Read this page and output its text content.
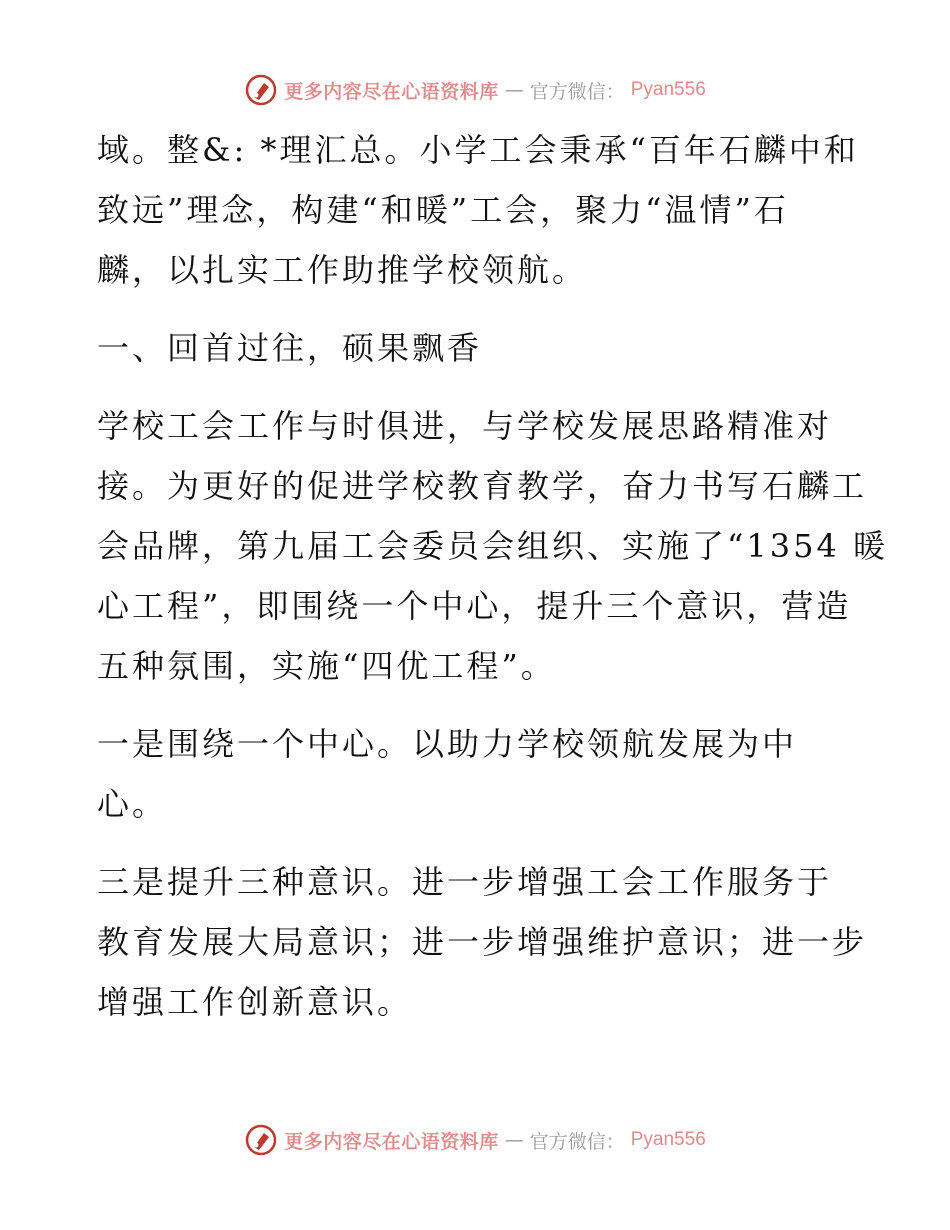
更多内容尽在心语资料库 — 官方微信： Pyan556

域。整&: *理汇总。小学工会秉承“百年石麟中和
致远”理念，构建“和暖”工会，聚力“温情”石
麟，以扎实工作助推学校领航。

一、回首过往，硕果飘香

学校工会工作与时俱进，与学校发展思路精准对
接。为更好的促进学校教育教学，奋力书写石麟工
会品牌，第九届工会委员会组织、实施了“1354 暖
心工程”，即围绕一个中心，提升三个意识，营造
五种氛围，实施“四优工程”。

一是围绕一个中心。以助力学校领航发展为中
心。

三是提升三种意识。进一步增强工会工作服务于
教育发展大局意识；进一步增强维护意识；进一步
增强工作创新意识。

更多内容尽在心语资料库 — 官方微信： Pyan556
